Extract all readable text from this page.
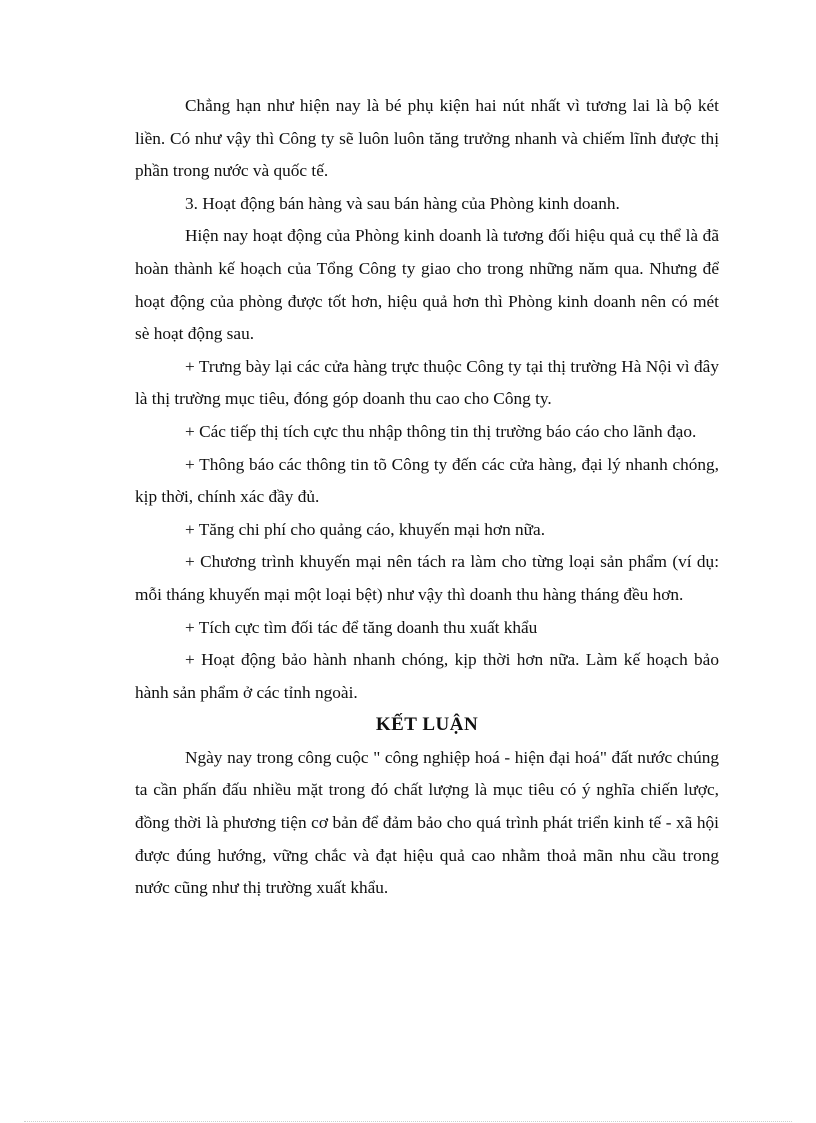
Chẳng hạn như hiện nay là bé phụ kiện hai nút nhất vì tương lai là bộ két liền. Có như vậy thì Công ty sẽ luôn luôn tăng trưởng nhanh và chiếm lĩnh được thị phần trong nước và quốc tế.

3. Hoạt động bán hàng và sau bán hàng của Phòng kinh doanh.

Hiện nay hoạt động của Phòng kinh doanh là tương đối hiệu quả cụ thể là đã hoàn thành kế hoạch của Tổng Công ty giao cho trong những năm qua. Nhưng để hoạt động của phòng được tốt hơn, hiệu quả hơn thì Phòng kinh doanh nên có mét sè hoạt động sau.

+ Trưng bày lại các cửa hàng trực thuộc Công ty tại thị trường Hà Nội vì đây là thị trường mục tiêu, đóng góp doanh thu cao cho Công ty.

+ Các tiếp thị tích cực thu nhập thông tin thị trường báo cáo cho lãnh đạo.

+ Thông báo các thông tin tõ Công ty đến các cửa hàng, đại lý nhanh chóng, kịp thời, chính xác đầy đủ.

+ Tăng chi phí cho quảng cáo, khuyến mại hơn nữa.

+ Chương trình khuyến mại nên tách ra làm cho từng loại sản phẩm (ví dụ: mỗi tháng khuyến mại một loại bệt) như vậy thì doanh thu hàng tháng đều hơn.

+ Tích cực tìm đối tác để tăng doanh thu xuất khẩu

+ Hoạt động bảo hành nhanh chóng, kịp thời hơn nữa. Làm kế hoạch bảo hành sản phẩm ở các tỉnh ngoài.

KẾT LUẬN

Ngày nay trong công cuộc " công nghiệp hoá - hiện đại hoá" đất nước chúng ta cần phấn đấu nhiều mặt trong đó chất lượng là mục tiêu có ý nghĩa chiến lược, đồng thời là phương tiện cơ bản để đảm bảo cho quá trình phát triển kinh tế - xã hội được đúng hướng, vững chắc và đạt hiệu quả cao nhằm thoả mãn nhu cầu trong nước cũng như thị trường xuất khẩu.
